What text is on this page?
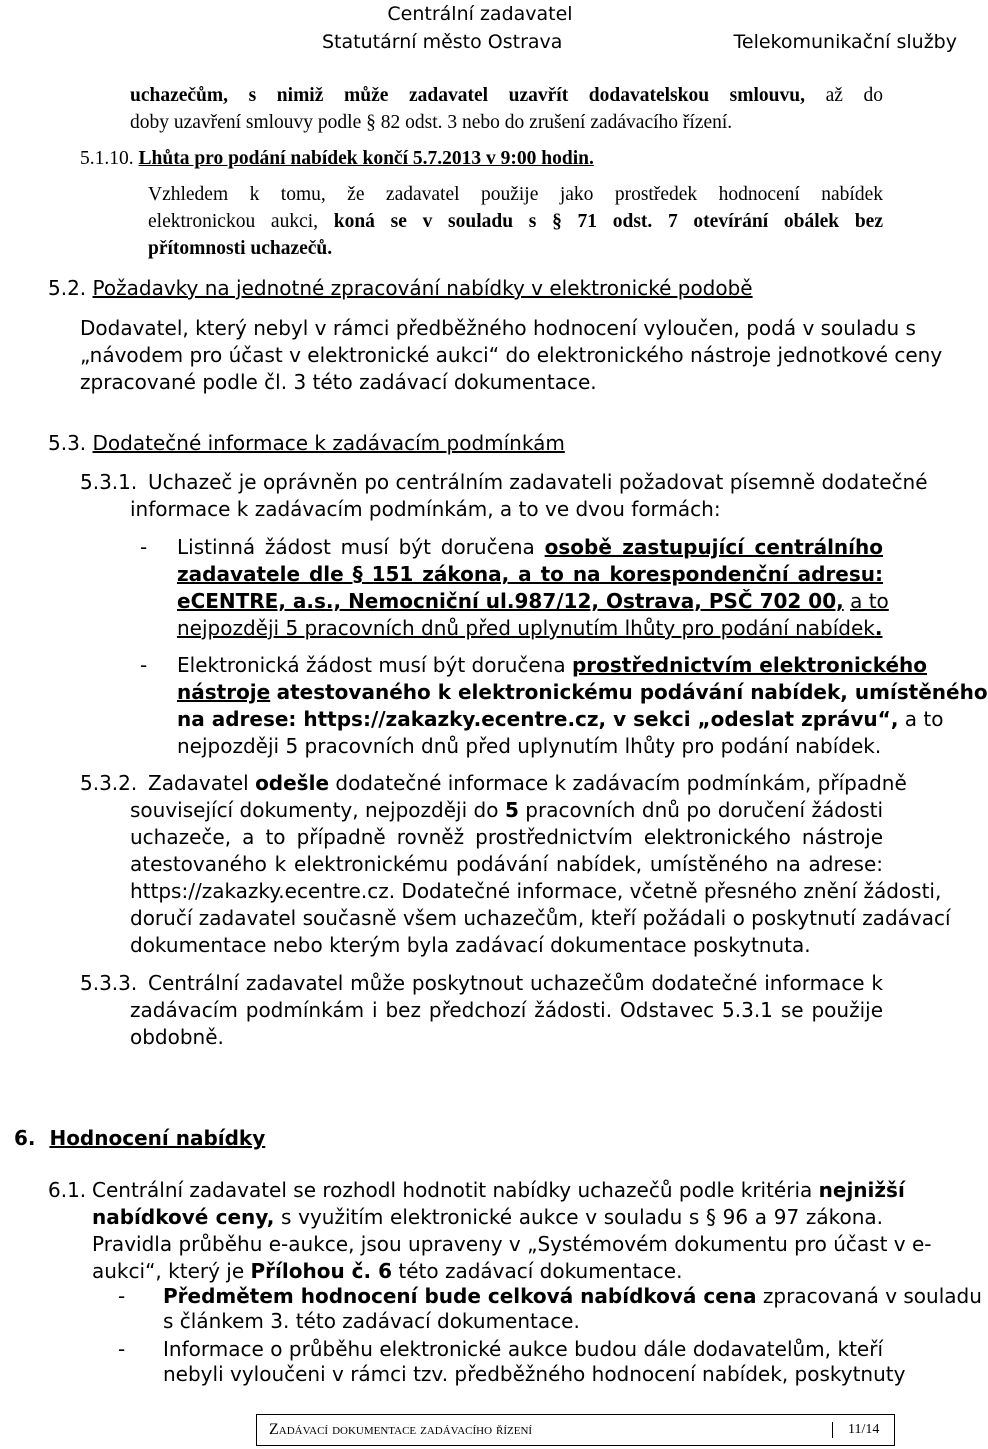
Centrální zadavatel
Statutární město Ostrava	Telekomunikační služby
uchazečům, s nimiž může zadavatel uzavřít dodavatelskou smlouvu, až do
doby uzavření smlouvy podle § 82 odst. 3 nebo do zrušení zadávacího řízení.
5.1.10. Lhůta pro podání nabídek končí 5.7.2013 v 9:00 hodin.
Vzhledem k tomu, že zadavatel použije jako prostředek hodnocení nabídek
elektronickou aukci, koná se v souladu s § 71 odst. 7 otevírání obálek bez
přítomnosti uchazečů.
5.2. Požadavky na jednotné zpracování nabídky v elektronické podobě
Dodavatel, který nebyl v rámci předběžného hodnocení vyloučen, podá v souladu s
„návodem pro účast v elektronické aukci“ do elektronického nástroje jednotkové ceny
zpracované podle čl. 3 této zadávací dokumentace.
5.3. Dodatečné informace k zadávacím podmínkám
5.3.1. Uchazeč je oprávněn po centrálním zadavateli požadovat písemně dodatečné
informace k zadávacím podmínkám, a to ve dvou formách:
- Listinná žádost musí být doručena osobě zastupující centrálního
zadavatele dle § 151 zákona, a to na korespondenční adresu:
eCENTRE, a.s., Nemocniční ul.987/12, Ostrava, PSČ 702 00, a to
nejpozději 5 pracovních dnů před uplynutím lhůty pro podání nabídek.
- Elektronická žádost musí být doručena prostřednictvím elektronického
nástroje atestovaného k elektronickému podávání nabídek, umístěného
na adrese: https://zakazky.ecentre.cz, v sekci „odeslat zprávu“, a to
nejpozději 5 pracovních dnů před uplynutím lhůty pro podání nabídek.
5.3.2. Zadavatel odešle dodatečné informace k zadávacím podmínkám, případně
související dokumenty, nejpozději do 5 pracovních dnů po doručení žádosti
uchazeče, a to případně rovněž prostřednictvím elektronického nástroje
atestovaného k elektronickému podávání nabídek, umístěného na adrese:
https://zakazky.ecentre.cz. Dodatečné informace, včetně přesného znění žádosti,
doručí zadavatel současně všem uchazečům, kteří požádali o poskytnutí zadávací
dokumentace nebo kterým byla zadávací dokumentace poskytnuta.
5.3.3. Centrální zadavatel může poskytnout uchazečům dodatečné informace k
zadávacím podmínkám i bez předchozí žádosti. Odstavec 5.3.1 se použije
obdobně.
6. Hodnocení nabídky
6.1. Centrální zadavatel se rozhodl hodnotit nabídky uchazečů podle kritéria nejnižší
nabídkové ceny, s využitím elektronické aukce v souladu s § 96 a 97 zákona.
Pravidla průběhu e-aukce, jsou upraveny v „Systémovém dokumentu pro účast v e-
aukci“, který je Přílohou č. 6 této zadávací dokumentace.
- Předmětem hodnocení bude celková nabídková cena zpracovaná v souladu
s článkem 3. této zadávací dokumentace.
- Informace o průběhu elektronické aukce budou dále dodavatelům, kteří
nebyli vyloučeni v rámci tzv. předběžného hodnocení nabídek, poskytnuty
Zadávací dokumentace zadávacího řízení	11/14
